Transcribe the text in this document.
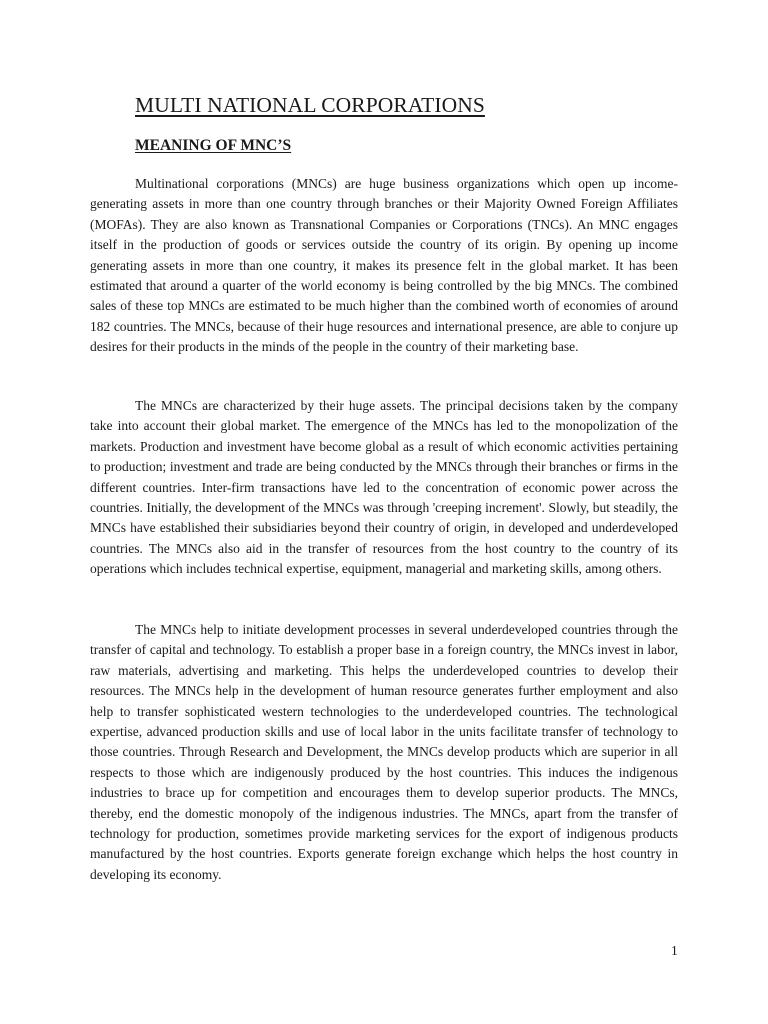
MULTI NATIONAL CORPORATIONS
MEANING OF MNC’S

Multinational corporations (MNCs) are huge business organizations which open up income-generating assets in more than one country through branches or their Majority Owned Foreign Affiliates (MOFAs). They are also known as Transnational Companies or Corporations (TNCs). An MNC engages itself in the production of goods or services outside the country of its origin. By opening up income generating assets in more than one country, it makes its presence felt in the global market. It has been estimated that around a quarter of the world economy is being controlled by the big MNCs. The combined sales of these top MNCs are estimated to be much higher than the combined worth of economies of around 182 countries. The MNCs, because of their huge resources and international presence, are able to conjure up desires for their products in the minds of the people in the country of their marketing base.

The MNCs are characterized by their huge assets. The principal decisions taken by the company take into account their global market. The emergence of the MNCs has led to the monopolization of the markets. Production and investment have become global as a result of which economic activities pertaining to production; investment and trade are being conducted by the MNCs through their branches or firms in the different countries. Inter-firm transactions have led to the concentration of economic power across the countries. Initially, the development of the MNCs was through 'creeping increment'. Slowly, but steadily, the MNCs have established their subsidiaries beyond their country of origin, in developed and underdeveloped countries. The MNCs also aid in the transfer of resources from the host country to the country of its operations which includes technical expertise, equipment, managerial and marketing skills, among others.

The MNCs help to initiate development processes in several underdeveloped countries through the transfer of capital and technology. To establish a proper base in a foreign country, the MNCs invest in labor, raw materials, advertising and marketing. This helps the underdeveloped countries to develop their resources. The MNCs help in the development of human resource generates further employment and also help to transfer sophisticated western technologies to the underdeveloped countries. The technological expertise, advanced production skills and use of local labor in the units facilitate transfer of technology to those countries. Through Research and Development, the MNCs develop products which are superior in all respects to those which are indigenously produced by the host countries. This induces the indigenous industries to brace up for competition and encourages them to develop superior products. The MNCs, thereby, end the domestic monopoly of the indigenous industries. The MNCs, apart from the transfer of technology for production, sometimes provide marketing services for the export of indigenous products manufactured by the host countries. Exports generate foreign exchange which helps the host country in developing its economy.

1
